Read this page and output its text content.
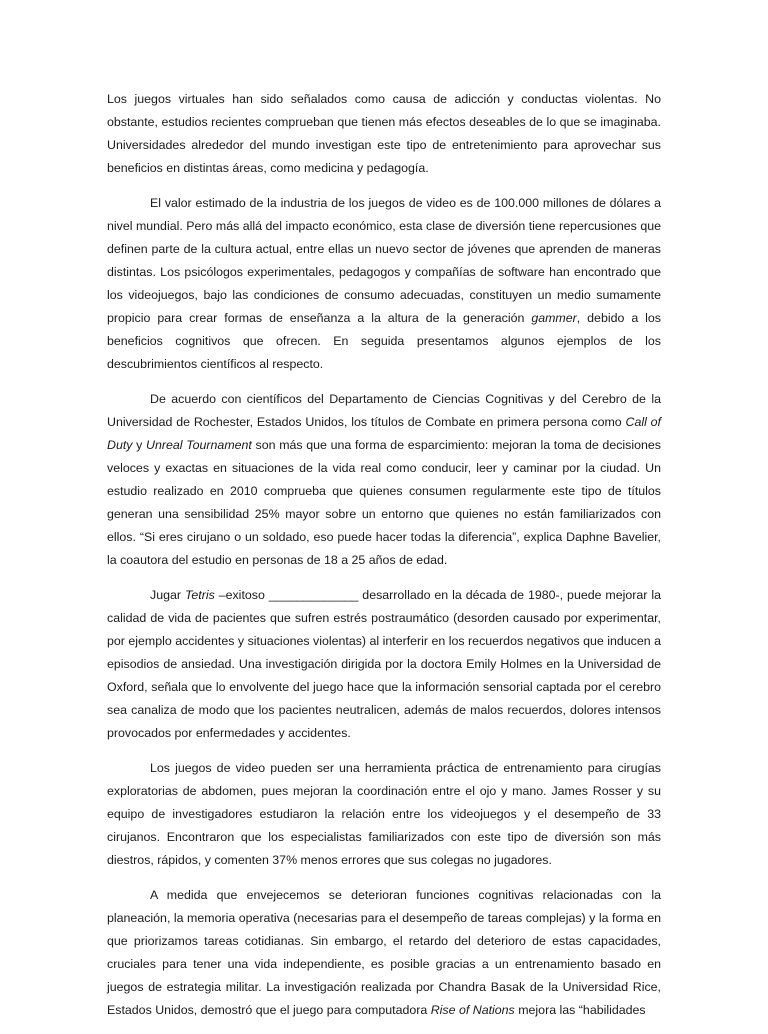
Los juegos virtuales han sido señalados como causa de adicción y conductas violentas. No obstante, estudios recientes comprueban que tienen más efectos deseables de lo que se imaginaba. Universidades alrededor del mundo investigan este tipo de entretenimiento para aprovechar sus beneficios en distintas áreas, como medicina y pedagogía.

El valor estimado de la industria de los juegos de video es de 100.000 millones de dólares a nivel mundial. Pero más allá del impacto económico, esta clase de diversión tiene repercusiones que definen parte de la cultura actual, entre ellas un nuevo sector de jóvenes que aprenden de maneras distintas. Los psicólogos experimentales, pedagogos y compañías de software han encontrado que los videojuegos, bajo las condiciones de consumo adecuadas, constituyen un medio sumamente propicio para crear formas de enseñanza a la altura de la generación gammer, debido a los beneficios cognitivos que ofrecen. En seguida presentamos algunos ejemplos de los descubrimientos científicos al respecto.

De acuerdo con científicos del Departamento de Ciencias Cognitivas y del Cerebro de la Universidad de Rochester, Estados Unidos, los títulos de Combate en primera persona como Call of Duty y Unreal Tournament son más que una forma de esparcimiento: mejoran la toma de decisiones veloces y exactas en situaciones de la vida real como conducir, leer y caminar por la ciudad. Un estudio realizado en 2010 comprueba que quienes consumen regularmente este tipo de títulos generan una sensibilidad 25% mayor sobre un entorno que quienes no están familiarizados con ellos. “Si eres cirujano o un soldado, eso puede hacer todas la diferencia”, explica Daphne Bavelier, la coautora del estudio en personas de 18 a 25 años de edad.

Jugar Tetris –exitoso _____________ desarrollado en la década de 1980-, puede mejorar la calidad de vida de pacientes que sufren estrés postraumático (desorden causado por experimentar, por ejemplo accidentes y situaciones violentas) al interferir en los recuerdos negativos que inducen a episodios de ansiedad. Una investigación dirigida por la doctora Emily Holmes en la Universidad de Oxford, señala que lo envolvente del juego hace que la información sensorial captada por el cerebro sea canaliza de modo que los pacientes neutralicen, además de malos recuerdos, dolores intensos provocados por enfermedades y accidentes.

Los juegos de video pueden ser una herramienta práctica de entrenamiento para cirugías exploratorias de abdomen, pues mejoran la coordinación entre el ojo y mano. James Rosser y su equipo de investigadores estudiaron la relación entre los videojuegos y el desempeño de 33 cirujanos. Encontraron que los especialistas familiarizados con este tipo de diversión son más diestros, rápidos, y comenten 37% menos errores que sus colegas no jugadores.

A medida que envejecemos se deterioran funciones cognitivas relacionadas con la planeación, la memoria operativa (necesarias para el desempeño de tareas complejas) y la forma en que priorizamos tareas cotidianas. Sin embargo, el retardo del deterioro de estas capacidades, cruciales para tener una vida independiente, es posible gracias a un entrenamiento basado en juegos de estrategia militar. La investigación realizada por Chandra Basak de la Universidad Rice, Estados Unidos, demostró que el juego para computadora Rise of Nations mejora las “habilidades
